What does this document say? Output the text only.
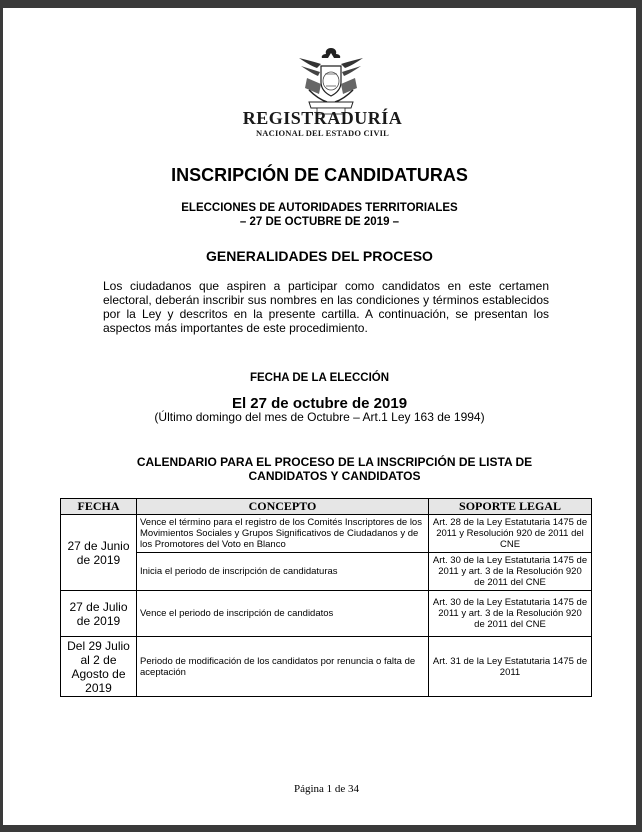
REGISTRADURÍA
NACIONAL DEL ESTADO CIVIL
INSCRIPCIÓN DE CANDIDATURAS
ELECCIONES DE AUTORIDADES TERRITORIALES
– 27 DE OCTUBRE DE 2019 –
GENERALIDADES DEL PROCESO
Los ciudadanos que aspiren a participar como candidatos en este certamen electoral, deberán inscribir sus nombres en las condiciones y términos establecidos por la Ley y descritos en la presente cartilla. A continuación, se presentan los aspectos más importantes de este procedimiento.
FECHA DE LA ELECCIÓN
El 27 de octubre de 2019
(Último domingo del mes de Octubre – Art.1 Ley 163 de 1994)
CALENDARIO PARA EL PROCESO DE LA INSCRIPCIÓN DE LISTA DE CANDIDATOS Y CANDIDATOS
FECHA	CONCEPTO	SOPORTE LEGAL
27 de Junio de 2019	Vence el término para el registro de los Comités Inscriptores de los Movimientos Sociales y Grupos Significativos de Ciudadanos y de los Promotores del Voto en Blanco	Art. 28 de la Ley Estatutaria 1475 de 2011 y Resolución 920 de 2011 del CNE
	Inicia el periodo de inscripción de candidaturas	Art. 30 de la Ley Estatutaria 1475 de 2011 y art. 3 de la Resolución 920 de 2011 del CNE
27 de Julio de 2019	Vence el periodo de inscripción de candidatos	Art. 30 de la Ley Estatutaria 1475 de 2011 y art. 3 de la Resolución 920 de 2011 del CNE
Del 29 Julio al 2 de Agosto de 2019	Periodo de modificación de los candidatos por renuncia o falta de aceptación	Art. 31 de la Ley Estatutaria 1475 de 2011
Página 1 de 34
